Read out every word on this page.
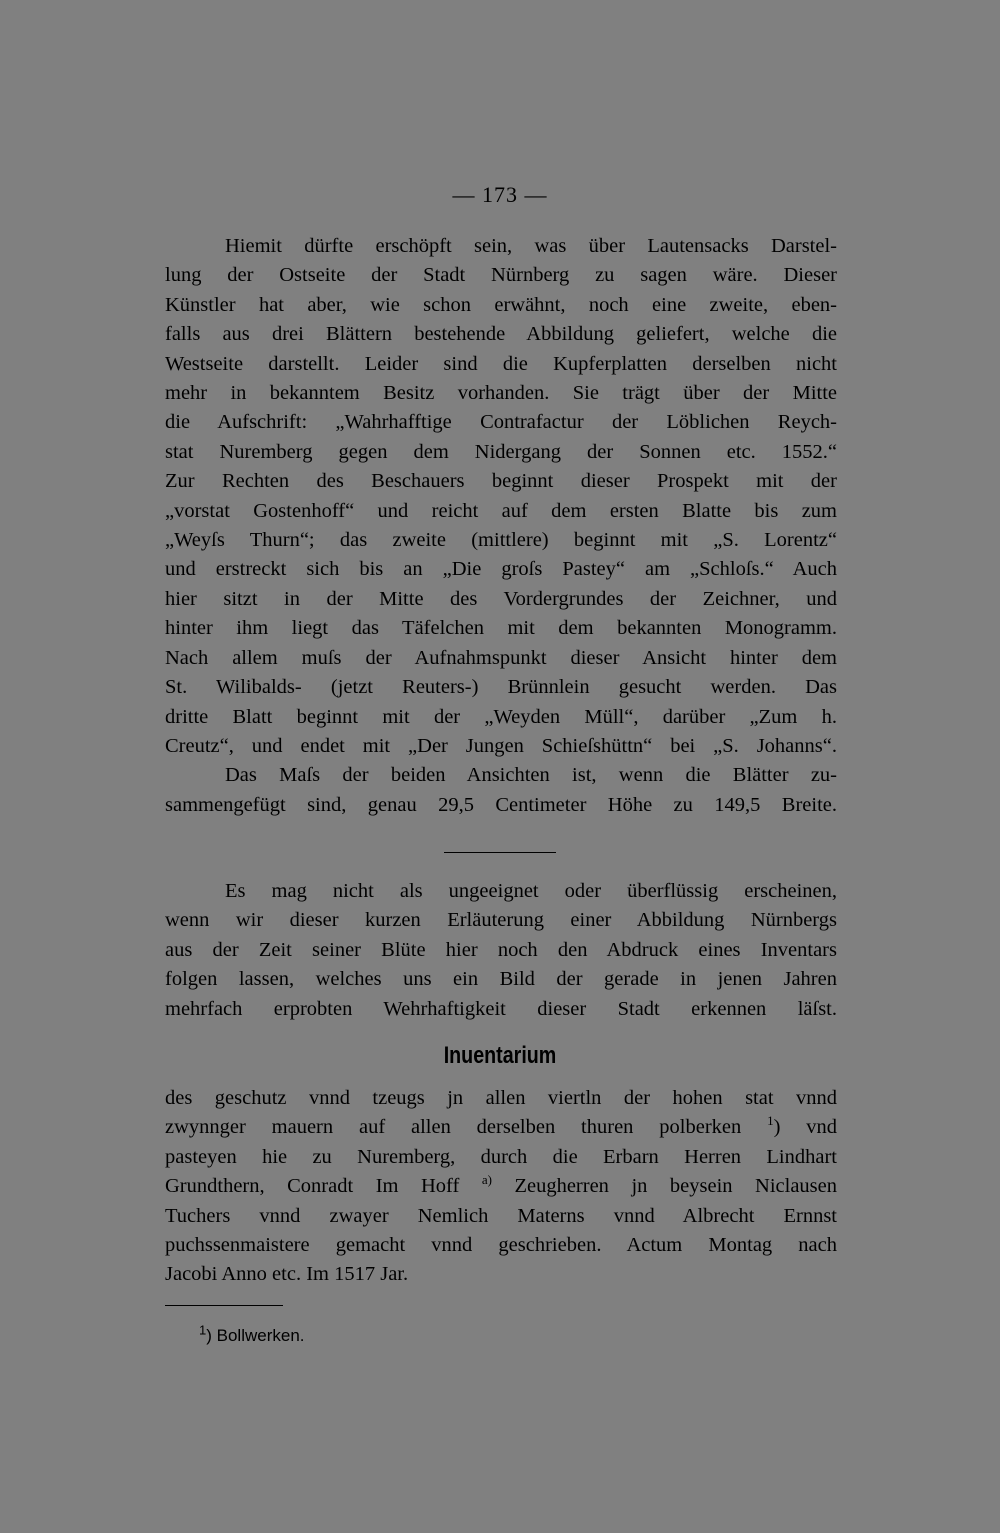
— 173 —
Hiemit dürfte erschöpft sein, was über Lautensacks Darstel-
lung der Ostseite der Stadt Nürnberg zu sagen wäre. Dieser
Künstler hat aber, wie schon erwähnt, noch eine zweite, eben-
falls aus drei Blättern bestehende Abbildung geliefert, welche die
Westseite darstellt. Leider sind die Kupferplatten derselben nicht
mehr in bekanntem Besitz vorhanden. Sie trägt über der Mitte
die Aufschrift: „Wahrhafftige Contrafactur der Löblichen Reych-
stat Nuremberg gegen dem Nidergang der Sonnen etc. 1552.“
Zur Rechten des Beschauers beginnt dieser Prospekt mit der
„vorstat Gostenhoff“ und reicht auf dem ersten Blatte bis zum
„Weyſs Thurn“; das zweite (mittlere) beginnt mit „S. Lorentz“
und erstreckt sich bis an „Die groſs Pastey“ am „Schloſs.“ Auch
hier sitzt in der Mitte des Vordergrundes der Zeichner, und
hinter ihm liegt das Täfelchen mit dem bekannten Monogramm.
Nach allem muſs der Aufnahmspunkt dieser Ansicht hinter dem
St. Wilibalds- (jetzt Reuters-) Brünnlein gesucht werden. Das
dritte Blatt beginnt mit der „Weyden Müll“, darüber „Zum h.
Creutz“, und endet mit „Der Jungen Schieſshüttn“ bei „S. Johanns“.
Das Maſs der beiden Ansichten ist, wenn die Blätter zu-
sammengefügt sind, genau 29,5 Centimeter Höhe zu 149,5 Breite.
Es mag nicht als ungeeignet oder überflüssig erscheinen,
wenn wir dieser kurzen Erläuterung einer Abbildung Nürnbergs
aus der Zeit seiner Blüte hier noch den Abdruck eines Inventars
folgen lassen, welches uns ein Bild der gerade in jenen Jahren
mehrfach erprobten Wehrhaftigkeit dieser Stadt erkennen läſst.
Inuentarium
des geschutz vnnd tzeugs jn allen viertln der hohen stat vnnd
zwynnger mauern auf allen derselben thuren polberken $^1$) vnd
pasteyen hie zu Nuremberg, durch die Erbarn Herren Lindhart
Grundthern, Conradt Im Hoff $^{a)}$ Zeugherren jn beysein Niclausen
Tuchers vnnd zwayer Nemlich Materns vnnd Albrecht Ernnst
puchssenmaistere gemacht vnnd geschrieben. Actum Montag nach
Jacobi Anno etc. Im 1517 Jar.
$^1$) Bollwerken.
